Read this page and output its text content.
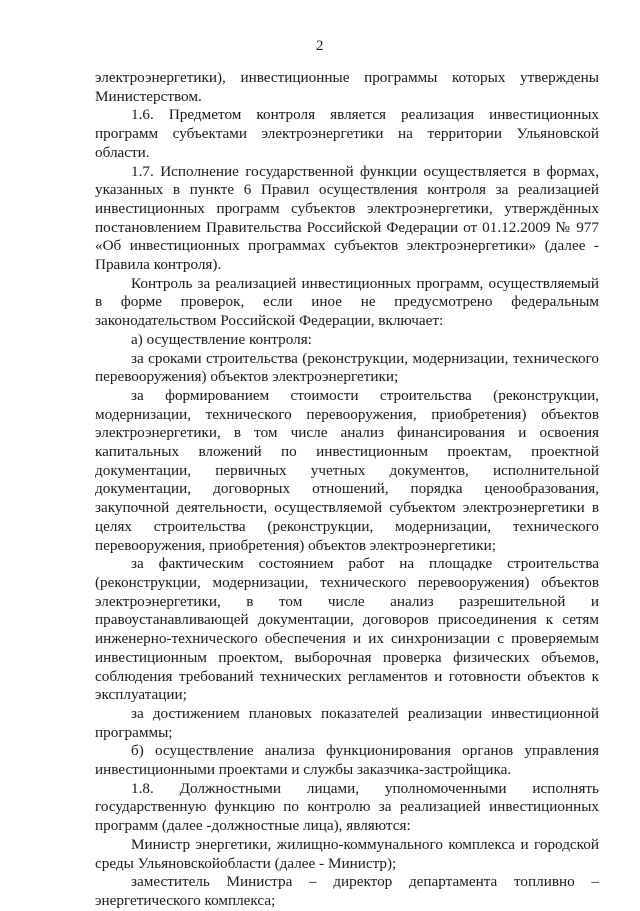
2

электроэнергетики), инвестиционные программы которых утверждены Министерством.

1.6. Предметом контроля является реализация инвестиционных программ субъектами электроэнергетики на территории Ульяновской области.

1.7. Исполнение государственной функции осуществляется в формах, указанных в пункте 6 Правил осуществления контроля за реализацией инвестиционных программ субъектов электроэнергетики, утверждённых постановлением Правительства Российской Федерации от 01.12.2009 № 977 «Об инвестиционных программах субъектов электроэнергетики» (далее - Правила контроля).

Контроль за реализацией инвестиционных программ, осуществляемый в форме проверок, если иное не предусмотрено федеральным законодательством Российской Федерации, включает:

а) осуществление контроля:

за сроками строительства (реконструкции, модернизации, технического перевооружения) объектов электроэнергетики;

за формированием стоимости строительства (реконструкции, модернизации, технического перевооружения, приобретения) объектов электроэнергетики, в том числе анализ финансирования и освоения капитальных вложений по инвестиционным проектам, проектной документации, первичных учетных документов, исполнительной документации, договорных отношений, порядка ценообразования, закупочной деятельности, осуществляемой субъектом электроэнергетики в целях строительства (реконструкции, модернизации, технического перевооружения, приобретения) объектов электроэнергетики;

за фактическим состоянием работ на площадке строительства (реконструкции, модернизации, технического перевооружения) объектов электроэнергетики, в том числе анализ разрешительной и правоустанавливающей документации, договоров присоединения к сетям инженерно-технического обеспечения и их синхронизации с проверяемым инвестиционным проектом, выборочная проверка физических объемов, соблюдения требований технических регламентов и готовности объектов к эксплуатации;

за достижением плановых показателей реализации инвестиционной программы;

б) осуществление анализа функционирования органов управления инвестиционными проектами и службы заказчика-застройщика.

1.8. Должностными лицами, уполномоченными исполнять государственную функцию по контролю за реализацией инвестиционных программ (далее -должностные лица), являются:

Министр энергетики, жилищно-коммунального комплекса и городской среды Ульяновскойобласти (далее - Министр);

заместитель Министра – директор департамента топливно – энергетического комплекса;
